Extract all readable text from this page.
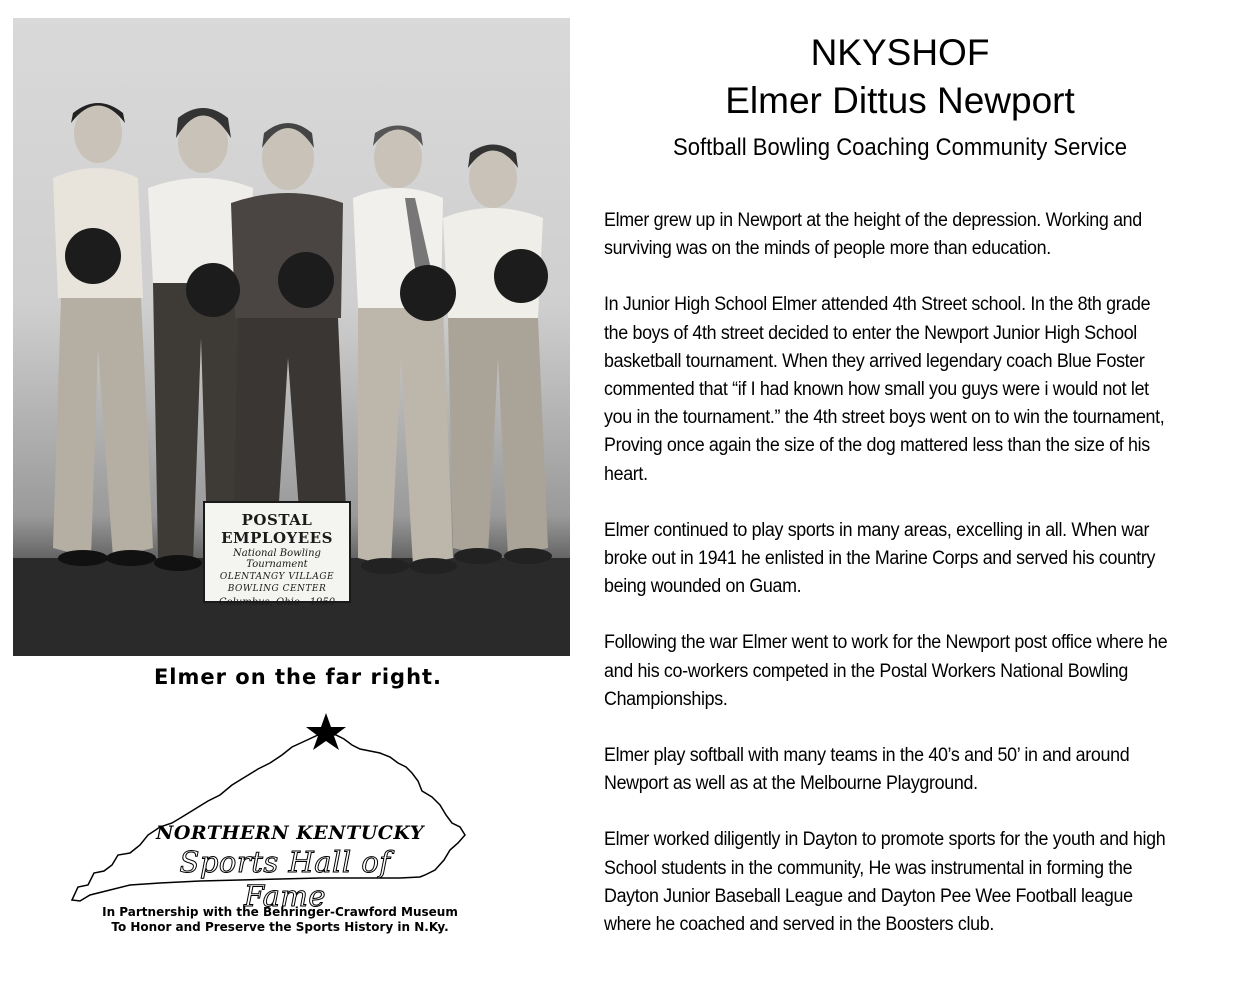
POSTAL EMPLOYEES
National Bowling Tournament
OLENTANGY VILLAGE
BOWLING CENTER
Columbus, Ohio - 1950
Elmer on the far right.
NORTHERN KENTUCKY
Sports Hall of Fame
In Partnership with the Behringer-Crawford Museum
To Honor and Preserve the Sports History in N.Ky.
NKYSHOF
Elmer Dittus Newport
Softball Bowling Coaching Community Service

Elmer grew up in Newport at the height of the depression. Working and surviving was on the minds of people more than education.

In Junior High School Elmer attended 4th Street school. In the 8th grade the boys of 4th street decided to enter the Newport Junior High School basketball tournament. When they arrived legendary coach Blue Foster commented that “if I had known how small you guys were i would not let you in the tournament.” the 4th street boys went on to win the tournament, Proving once again the size of the dog mattered less than the size of his heart.

Elmer continued to play sports in many areas, excelling in all. When war broke out in 1941 he enlisted in the Marine Corps and served his country being wounded on Guam.

Following the war Elmer went to work for the Newport post office where he and his co-workers competed in the Postal Workers National Bowling Championships.

Elmer play softball with many teams in the 40’s and 50’ in and around Newport as well as at the Melbourne Playground.

Elmer worked diligently in Dayton to promote sports for the youth and high School students in the community, He was instrumental in forming the Dayton Junior Baseball League and Dayton Pee Wee Football league where he coached and served in the Boosters club.
